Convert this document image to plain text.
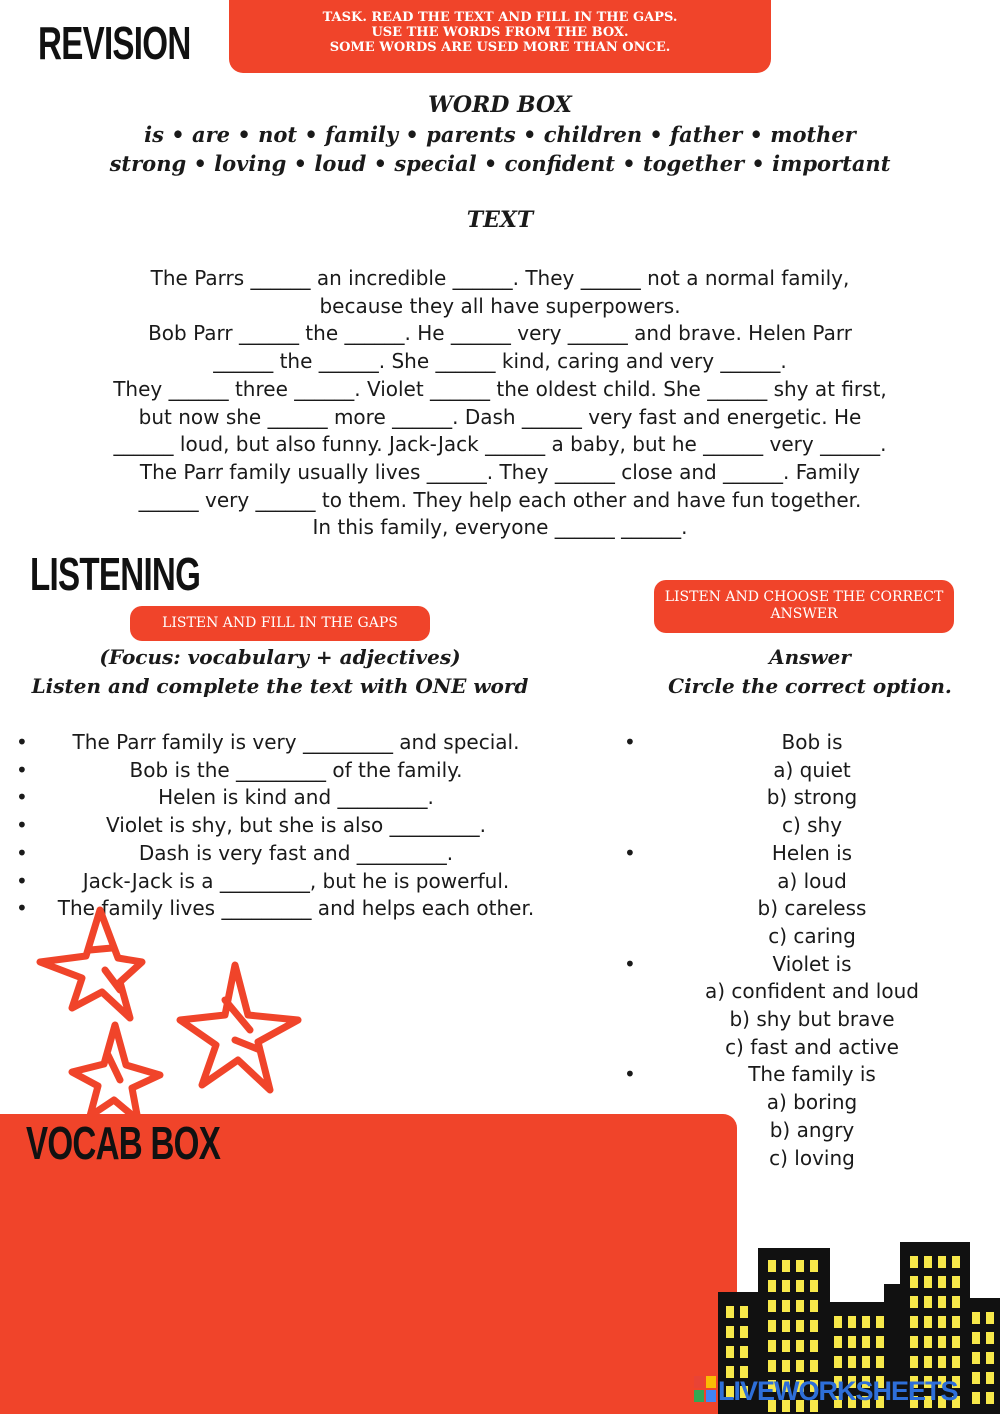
REVISION
LISTENING
TASK. READ THE TEXT AND FILL IN THE GAPS.
USE THE WORDS FROM THE BOX.
SOME WORDS ARE USED MORE THAN ONCE.
WORD BOX
is • are • not • family • parents • children • father • mother
strong • loving • loud • special • confident • together • important
TEXT
The Parrs ______ an incredible ______. They ______ not a normal family,
because they all have superpowers.
Bob Parr ______ the ______. He ______ very ______ and brave. Helen Parr
______ the ______. She ______ kind, caring and very ______.
They ______ three ______. Violet ______ the oldest child. She ______ shy at first,
but now she ______ more ______. Dash ______ very fast and energetic. He
______ loud, but also funny. Jack-Jack ______ a baby, but he ______ very ______.
The Parr family usually lives ______. They ______ close and ______. Family
______ very ______ to them. They help each other and have fun together.
In this family, everyone ______ ______.
LISTEN AND FILL IN THE GAPS
LISTEN AND CHOOSE THE CORRECT
ANSWER
(Focus: vocabulary + adjectives)
Listen and complete the text with ONE word
Answer
Circle the correct option.
• The Parr family is very _________ and special.
•	Bob is the _________ of the family.
•	Helen is kind and _________.
•	Violet is shy, but she is also _________.
•	Dash is very fast and _________.
•	Jack-Jack is a _________, but he is powerful.
• The family lives _________ and helps each other.
•	Bob is
a) quiet
b) strong
c) shy
•	Helen is
a) loud
b) careless
c) caring
•	Violet is
a) confident and loud
b) shy but brave
c) fast and active
•	The family is
a) boring
b) angry
c) loving
VOCAB BOX
LIVEWORKSHEETS
